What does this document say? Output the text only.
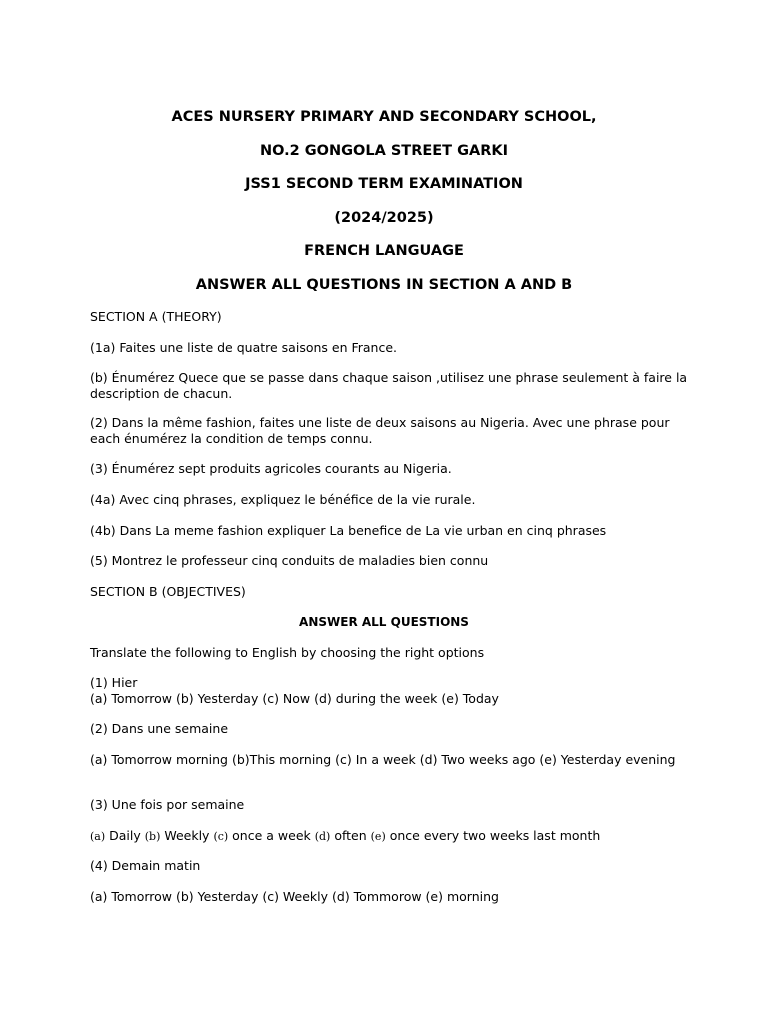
ACES NURSERY PRIMARY AND SECONDARY SCHOOL,

NO.2 GONGOLA STREET GARKI

JSS1 SECOND TERM EXAMINATION

(2024/2025)

FRENCH LANGUAGE

ANSWER ALL QUESTIONS IN SECTION A AND B

SECTION A (THEORY)

(1a) Faites une liste de quatre saisons en France.

(b) Énumérez Quece que se passe dans chaque saison ,utilisez une phrase seulement à faire la description de chacun.

(2) Dans la même fashion, faites une liste de deux saisons au Nigeria. Avec une phrase pour each énumérez la condition de temps connu.

(3) Énumérez sept produits agricoles courants au Nigeria.

(4a) Avec cinq phrases, expliquez le bénéfice de la vie rurale.

(4b) Dans La meme fashion expliquer La benefice de La vie urban en cinq phrases

(5) Montrez le professeur cinq conduits de maladies bien connu

SECTION B (OBJECTIVES)

ANSWER ALL QUESTIONS

Translate the following to English by choosing the right options

(1) Hier

(a) Tomorrow (b) Yesterday (c) Now (d) during the week (e) Today

(2) Dans une semaine

(a) Tomorrow morning (b)This morning (c) In a week (d) Two weeks ago (e) Yesterday evening

(3) Une fois por semaine

(a) Daily (b) Weekly (c) once a week (d) often (e) once every two weeks last month

(4) Demain matin

(a) Tomorrow (b) Yesterday (c) Weekly (d) Tommorow (e) morning
